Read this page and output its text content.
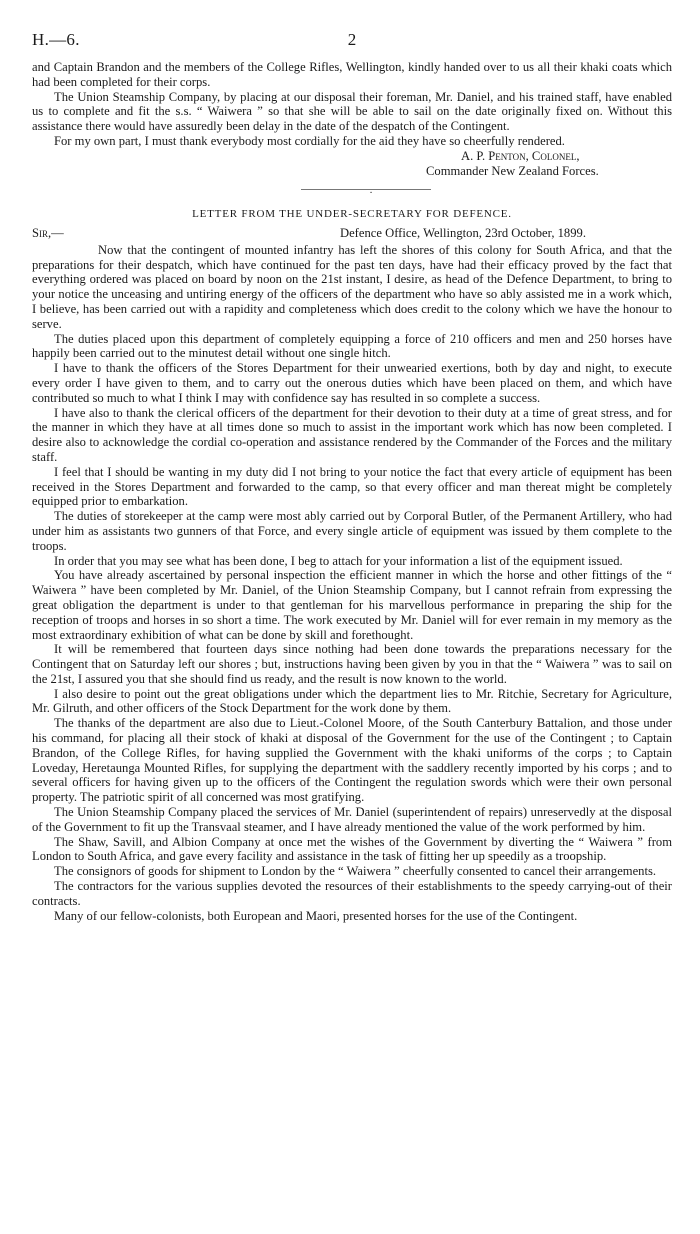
H.—6.	2

and Captain Brandon and the members of the College Rifles, Wellington, kindly handed over to us all their khaki coats which had been completed for their corps.

The Union Steamship Company, by placing at our disposal their foreman, Mr. Daniel, and his trained staff, have enabled us to complete and fit the s.s. “ Waiwera ” so that she will be able to sail on the date originally fixed on. Without this assistance there would have assuredly been delay in the date of the despatch of the Contingent.

For my own part, I must thank everybody most cordially for the aid they have so cheerfully rendered.

A. P. Penton, Colonel,
Commander New Zealand Forces.
·
LETTER FROM THE UNDER-SECRETARY FOR DEFENCE.
Sir,—	Defence Office, Wellington, 23rd October, 1899.

Now that the contingent of mounted infantry has left the shores of this colony for South Africa, and that the preparations for their despatch, which have continued for the past ten days, have had their efficacy proved by the fact that everything ordered was placed on board by noon on the 21st instant, I desire, as head of the Defence Department, to bring to your notice the unceasing and untiring energy of the officers of the department who have so ably assisted me in a work which, I believe, has been carried out with a rapidity and completeness which does credit to the colony which we have the honour to serve.

The duties placed upon this department of completely equipping a force of 210 officers and men and 250 horses have happily been carried out to the minutest detail without one single hitch.

I have to thank the officers of the Stores Department for their unwearied exertions, both by day and night, to execute every order I have given to them, and to carry out the onerous duties which have been placed on them, and which have contributed so much to what I think I may with confidence say has resulted in so complete a success.

I have also to thank the clerical officers of the department for their devotion to their duty at a time of great stress, and for the manner in which they have at all times done so much to assist in the important work which has now been completed. I desire also to acknowledge the cordial co-operation and assistance rendered by the Commander of the Forces and the military staff.

I feel that I should be wanting in my duty did I not bring to your notice the fact that every article of equipment has been received in the Stores Department and forwarded to the camp, so that every officer and man thereat might be completely equipped prior to embarkation.

The duties of storekeeper at the camp were most ably carried out by Corporal Butler, of the Permanent Artillery, who had under him as assistants two gunners of that Force, and every single article of equipment was issued by them complete to the troops.

In order that you may see what has been done, I beg to attach for your information a list of the equipment issued.

You have already ascertained by personal inspection the efficient manner in which the horse and other fittings of the “ Waiwera ” have been completed by Mr. Daniel, of the Union Steamship Company, but I cannot refrain from expressing the great obligation the department is under to that gentleman for his marvellous performance in preparing the ship for the reception of troops and horses in so short a time. The work executed by Mr. Daniel will for ever remain in my memory as the most extraordinary exhibition of what can be done by skill and forethought.

It will be remembered that fourteen days since nothing had been done towards the preparations necessary for the Contingent that on Saturday left our shores ; but, instructions having been given by you in that the “ Waiwera ” was to sail on the 21st, I assured you that she should find us ready, and the result is now known to the world.

I also desire to point out the great obligations under which the department lies to Mr. Ritchie, Secretary for Agriculture, Mr. Gilruth, and other officers of the Stock Department for the work done by them.

The thanks of the department are also due to Lieut.-Colonel Moore, of the South Canterbury Battalion, and those under his command, for placing all their stock of khaki at disposal of the Government for the use of the Contingent ; to Captain Brandon, of the College Rifles, for having supplied the Government with the khaki uniforms of the corps ; to Captain Loveday, Heretaunga Mounted Rifles, for supplying the department with the saddlery recently imported by his corps ; and to several officers for having given up to the officers of the Contingent the regulation swords which were their own personal property. The patriotic spirit of all concerned was most gratifying.

The Union Steamship Company placed the services of Mr. Daniel (superintendent of repairs) unreservedly at the disposal of the Government to fit up the Transvaal steamer, and I have already mentioned the value of the work performed by him.

The Shaw, Savill, and Albion Company at once met the wishes of the Government by diverting the “ Waiwera ” from London to South Africa, and gave every facility and assistance in the task of fitting her up speedily as a troopship.

The consignors of goods for shipment to London by the “ Waiwera ” cheerfully consented to cancel their arrangements.

The contractors for the various supplies devoted the resources of their establishments to the speedy carrying-out of their contracts.

Many of our fellow-colonists, both European and Maori, presented horses for the use of the Contingent.
